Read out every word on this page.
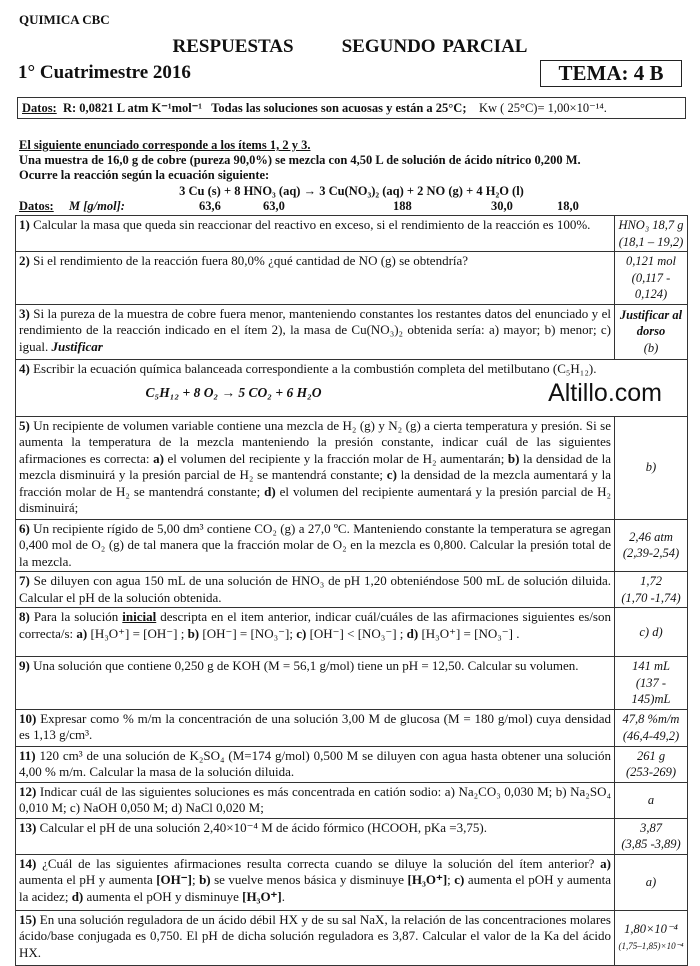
QUIMICA CBC
RESPUESTAS	SEGUNDO PARCIAL
1° Cuatrimestre 2016	TEMA: 4 B
Datos: R: 0,0821 L atm K⁻¹mol⁻¹ Todas las soluciones son acuosas y están a 25°C; Kw ( 25°C)= 1,00×10⁻¹⁴.
El siguiente enunciado corresponde a los ítems 1, 2 y 3.
Una muestra de 16,0 g de cobre (pureza 90,0%) se mezcla con 4,50 L de solución de ácido nítrico 0,200 M.
Ocurre la reacción según la ecuación siguiente:
3 Cu (s) + 8 HNO₃ (aq) → 3 Cu(NO₃)₂ (aq) + 2 NO (g) + 4 H₂O (l)
Datos: M [g/mol]:	63,6	63,0	188	30,0	18,0
1) Calcular la masa que queda sin reaccionar del reactivo en exceso, si el rendimiento de la reacción es 100%.	HNO₃ 18,7 g
(18,1 – 19,2)

2) Si el rendimiento de la reacción fuera 80,0% ¿qué cantidad de NO (g) se obtendría?	0,121 mol
(0,117 - 0,124)

3) Si la pureza de la muestra de cobre fuera menor, manteniendo constantes los restantes datos del enunciado y el rendimiento de la reacción indicado en el ítem 2), la masa de Cu(NO₃)₂ obtenida sería: a) mayor; b) menor; c) igual. Justificar	Justificar al dorso
(b)

4) Escribir la ecuación química balanceada correspondiente a la combustión completa del metilbutano (C₅H₁₂).
C₅H₁₂ + 8 O₂ → 5 CO₂ + 6 H₂O Altillo.com	

5) Un recipiente de volumen variable contiene una mezcla de H₂ (g) y N₂ (g) a cierta temperatura y presión. Si se aumenta la temperatura de la mezcla manteniendo la presión constante, indicar cuál de las siguientes afirmaciones es correcta: a) el volumen del recipiente y la fracción molar de H₂ aumentarán; b) la densidad de la mezcla disminuirá y la presión parcial de H₂ se mantendrá constante; c) la densidad de la mezcla aumentará y la fracción molar de H₂ se mantendrá constante; d) el volumen del recipiente aumentará y la presión parcial de H₂ disminuirá;	b)

6) Un recipiente rígido de 5,00 dm³ contiene CO₂ (g) a 27,0 ºC. Manteniendo constante la temperatura se agregan 0,400 mol de O₂ (g) de tal manera que la fracción molar de O₂ en la mezcla es 0,800. Calcular la presión total de la mezcla.	2,46 atm
(2,39-2,54)

7) Se diluyen con agua 150 mL de una solución de HNO₃ de pH 1,20 obteniéndose 500 mL de solución diluida. Calcular el pH de la solución obtenida.	1,72
(1,70 -1,74)

8) Para la solución inicial descripta en el item anterior, indicar cuál/cuáles de las afirmaciones siguientes es/son correcta/s: a) [H₃O⁺] = [OH⁻] ; b) [OH⁻] = [NO₃⁻]; c) [OH⁻] < [NO₃⁻] ; d) [H₃O⁺] = [NO₃⁻] .	c) d)

9) Una solución que contiene 0,250 g de KOH (M = 56,1 g/mol) tiene un pH = 12,50. Calcular su volumen.	141 mL
(137 - 145)mL

10) Expresar como % m/m la concentración de una solución 3,00 M de glucosa (M = 180 g/mol) cuya densidad es 1,13 g/cm³.	47,8 %m/m
(46,4-49,2)

11) 120 cm³ de una solución de K₂SO₄ (M=174 g/mol) 0,500 M se diluyen con agua hasta obtener una solución 4,00 % m/m. Calcular la masa de la solución diluida.	261 g
(253-269)

12) Indicar cuál de las siguientes soluciones es más concentrada en catión sodio: a) Na₂CO₃ 0,030 M; b) Na₂SO₄ 0,010 M; c) NaOH 0,050 M; d) NaCl 0,020 M;	a

13) Calcular el pH de una solución 2,40×10⁻⁴ M de ácido fórmico (HCOOH, pKa =3,75).	3,87
(3,85 -3,89)

14) ¿Cuál de las siguientes afirmaciones resulta correcta cuando se diluye la solución del ítem anterior? a) aumenta el pH y aumenta [OH⁻]; b) se vuelve menos básica y disminuye [H₃O⁺]; c) aumenta el pOH y aumenta la acidez; d) aumenta el pOH y disminuye [H₃O⁺].	a)

15) En una solución reguladora de un ácido débil HX y de su sal NaX, la relación de las concentraciones molares ácido/base conjugada es 0,750. El pH de dicha solución reguladora es 3,87. Calcular el valor de la Ka del ácido HX.	1,80×10⁻⁴
(1,75–1,85)×10⁻⁴
